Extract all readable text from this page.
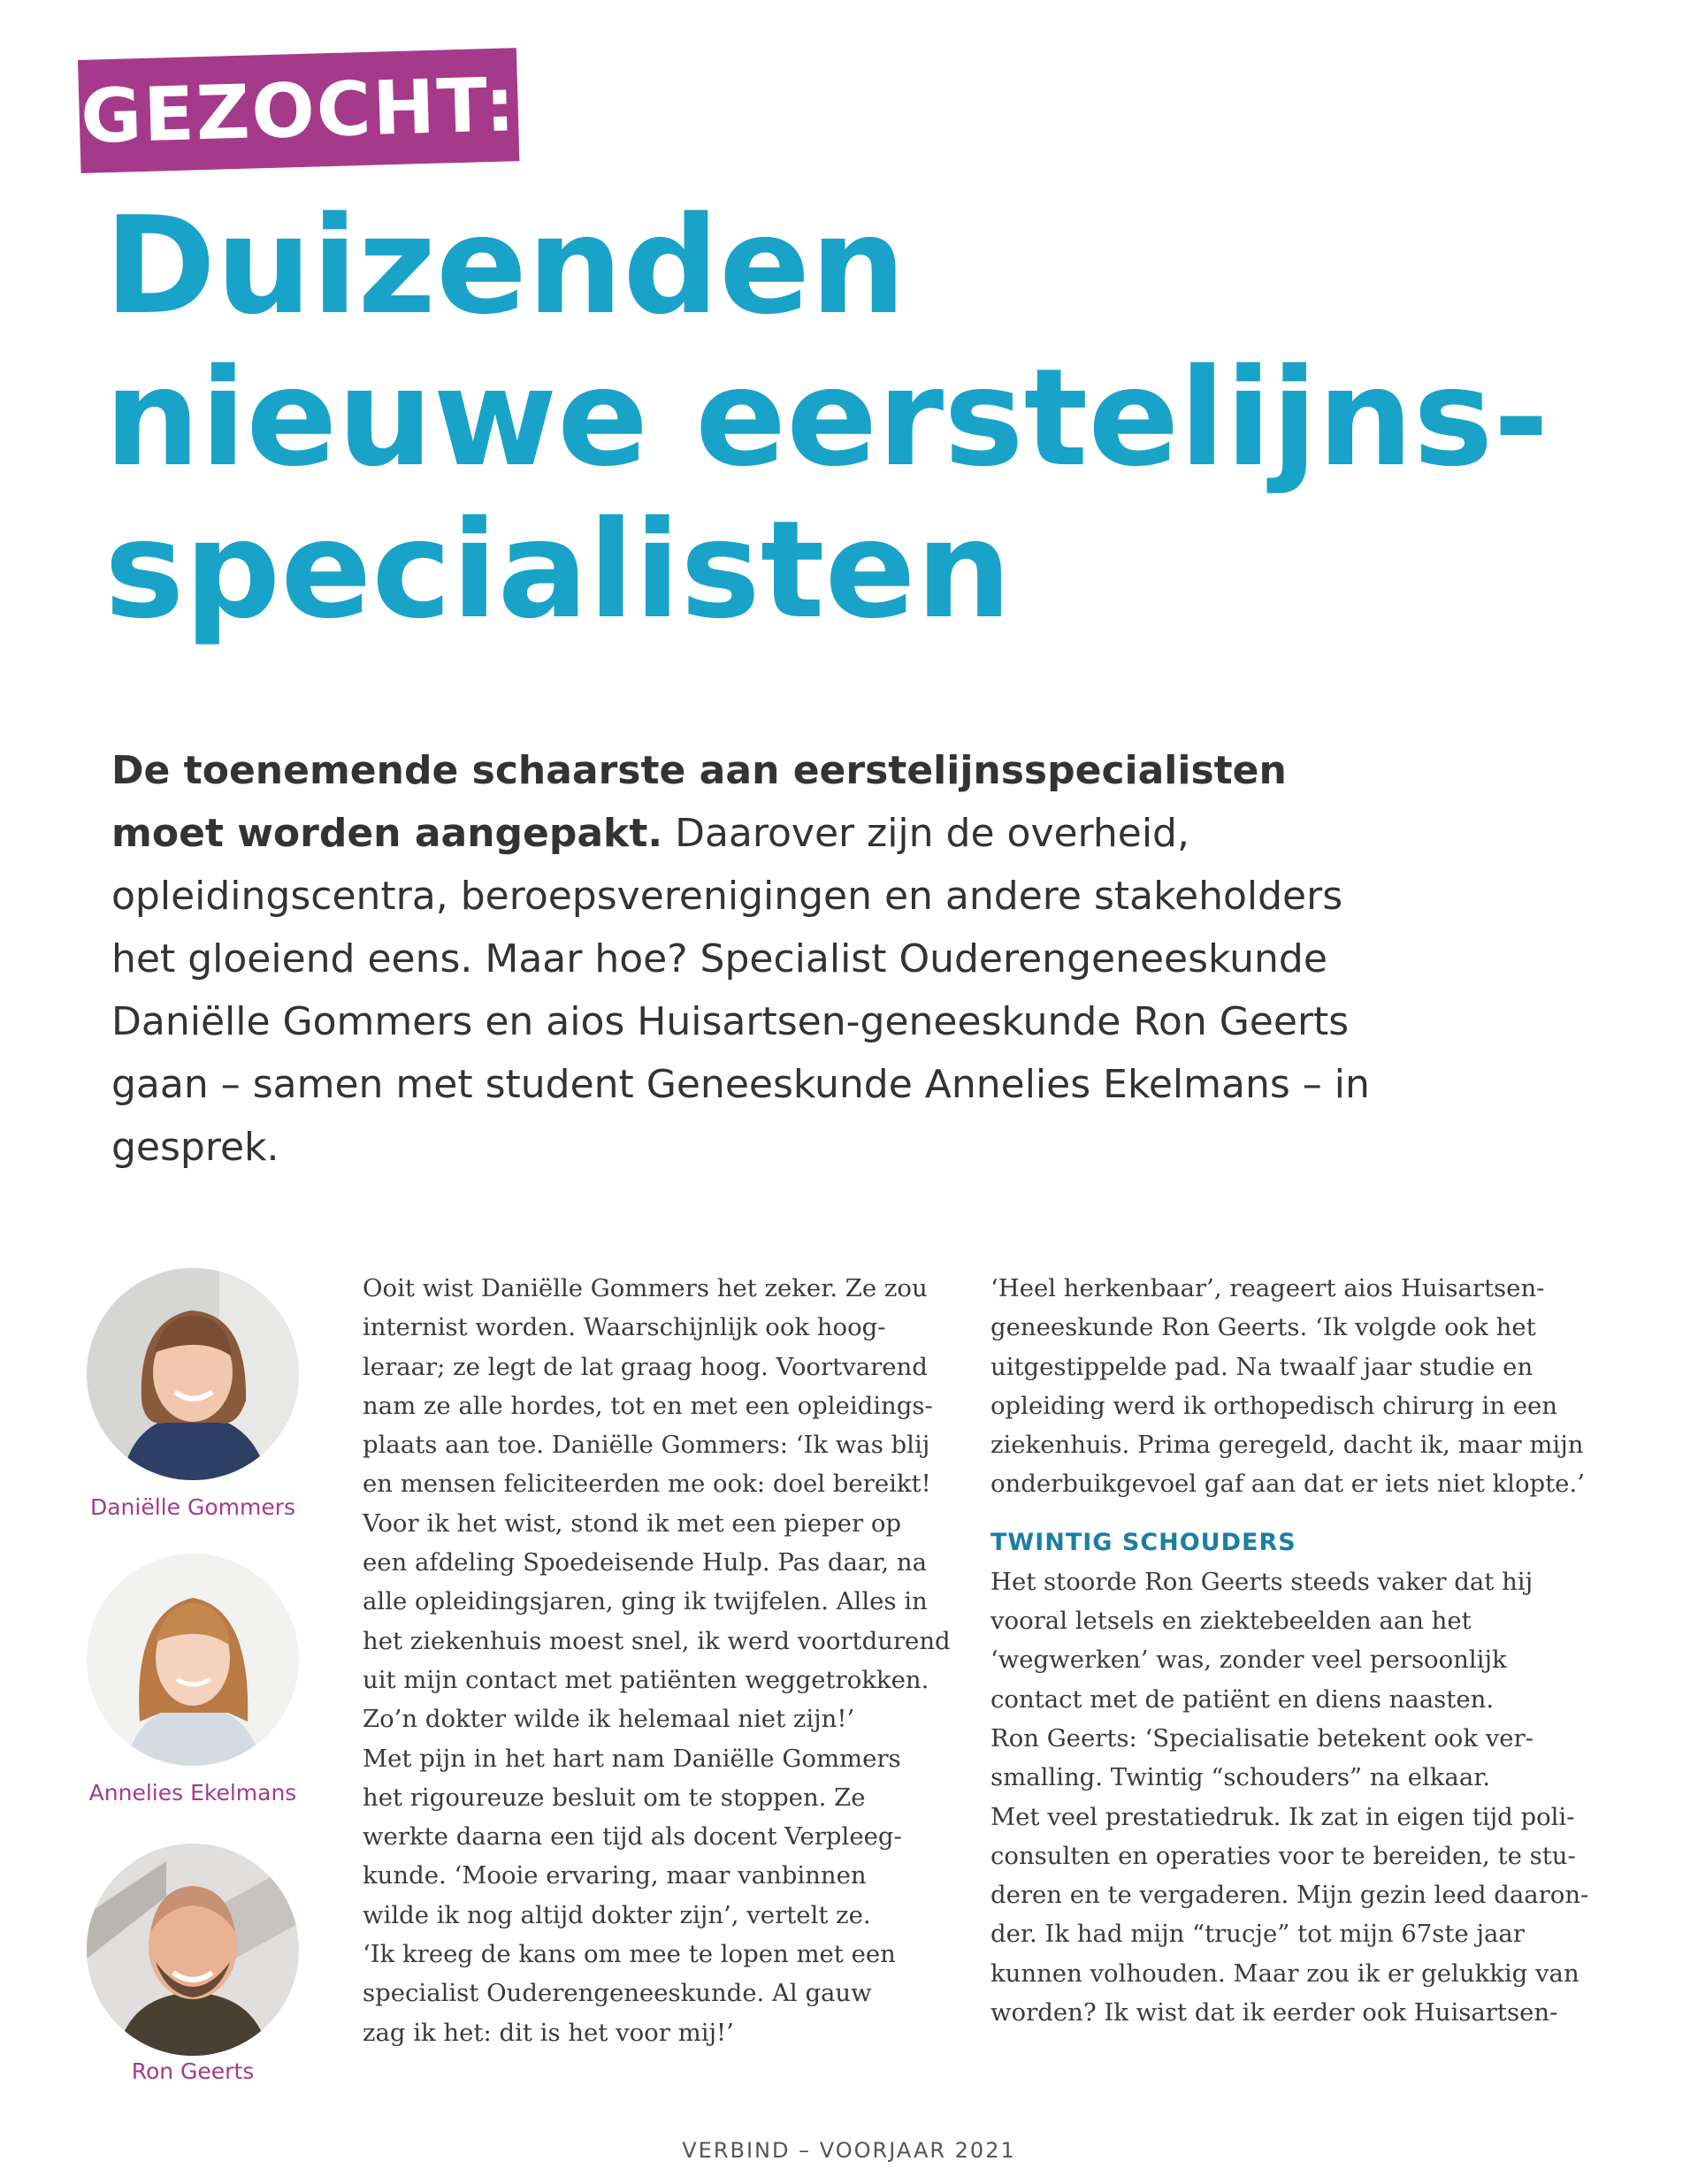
GEZOCHT:
Duizenden
nieuwe eerstelijns-
specialisten

De toenemende schaarste aan eerstelijnsspecialisten moet worden aangepakt. Daarover zijn de overheid, opleidingscentra, beroepsverenigingen en andere stakeholders het gloeiend eens. Maar hoe? Specialist Ouderengeneeskunde Daniëlle Gommers en aios Huisartsen-geneeskunde Ron Geerts gaan – samen met student Geneeskunde Annelies Ekelmans – in gesprek.

Daniëlle Gommers
Annelies Ekelmans
Ron Geerts
Ooit wist Daniëlle Gommers het zeker. Ze zou
internist worden. Waarschijnlijk ook hoog-
leraar; ze legt de lat graag hoog. Voortvarend
nam ze alle hordes, tot en met een opleidings-
plaats aan toe. Daniëlle Gommers: ‘Ik was blij
en mensen feliciteerden me ook: doel bereikt!
Voor ik het wist, stond ik met een pieper op
een afdeling Spoedeisende Hulp. Pas daar, na
alle opleidingsjaren, ging ik twijfelen. Alles in
het ziekenhuis moest snel, ik werd voortdurend
uit mijn contact met patiënten weggetrokken.
Zo’n dokter wilde ik helemaal niet zijn!’
Met pijn in het hart nam Daniëlle Gommers
het rigoureuze besluit om te stoppen. Ze
werkte daarna een tijd als docent Verpleeg-
kunde. ‘Mooie ervaring, maar vanbinnen
wilde ik nog altijd dokter zijn’, vertelt ze.
‘Ik kreeg de kans om mee te lopen met een
specialist Ouderengeneeskunde. Al gauw
zag ik het: dit is het voor mij!’
‘Heel herkenbaar’, reageert aios Huisartsen-
geneeskunde Ron Geerts. ‘Ik volgde ook het
uitgestippelde pad. Na twaalf jaar studie en
opleiding werd ik orthopedisch chirurg in een
ziekenhuis. Prima geregeld, dacht ik, maar mijn
onderbuikgevoel gaf aan dat er iets niet klopte.’
TWINTIG SCHOUDERS
Het stoorde Ron Geerts steeds vaker dat hij
vooral letsels en ziektebeelden aan het
‘wegwerken’ was, zonder veel persoonlijk
contact met de patiënt en diens naasten.
Ron Geerts: ‘Specialisatie betekent ook ver-
smalling. Twintig “schouders” na elkaar.
Met veel prestatiedruk. Ik zat in eigen tijd poli-
consulten en operaties voor te bereiden, te stu-
deren en te vergaderen. Mijn gezin leed daaron-
der. Ik had mijn “trucje” tot mijn 67ste jaar
kunnen volhouden. Maar zou ik er gelukkig van
worden? Ik wist dat ik eerder ook Huisartsen-
VERBIND – VOORJAAR 2021
